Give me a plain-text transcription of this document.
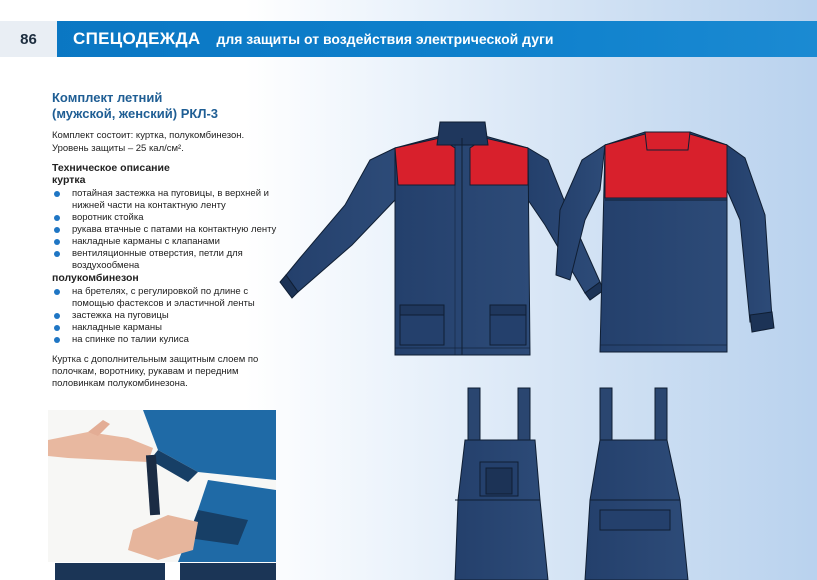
86	СПЕЦОДЕЖДА для защиты от воздействия электрической дуги
Комплект летний
(мужской, женский) РКЛ-3
Комплект состоит: куртка, полукомбинезон.
Уровень защиты – 25 кал/см².
Техническое описание
куртка
потайная застежка на пуговицы, в верхней и нижней части на контактную ленту
воротник стойка
рукава втачные с патами на контактную ленту
накладные карманы с клапанами
вентиляционные отверстия, петли для воздухообмена
полукомбинезон
на бретелях, с регулировкой по длине с помощью фастексов и эластичной ленты
застежка на пуговицы
накладные карманы
на спинке по талии кулиса
Куртка с дополнительным защитным слоем по полочкам, воротнику, рукавам и передним половинкам полукомбинезона.
